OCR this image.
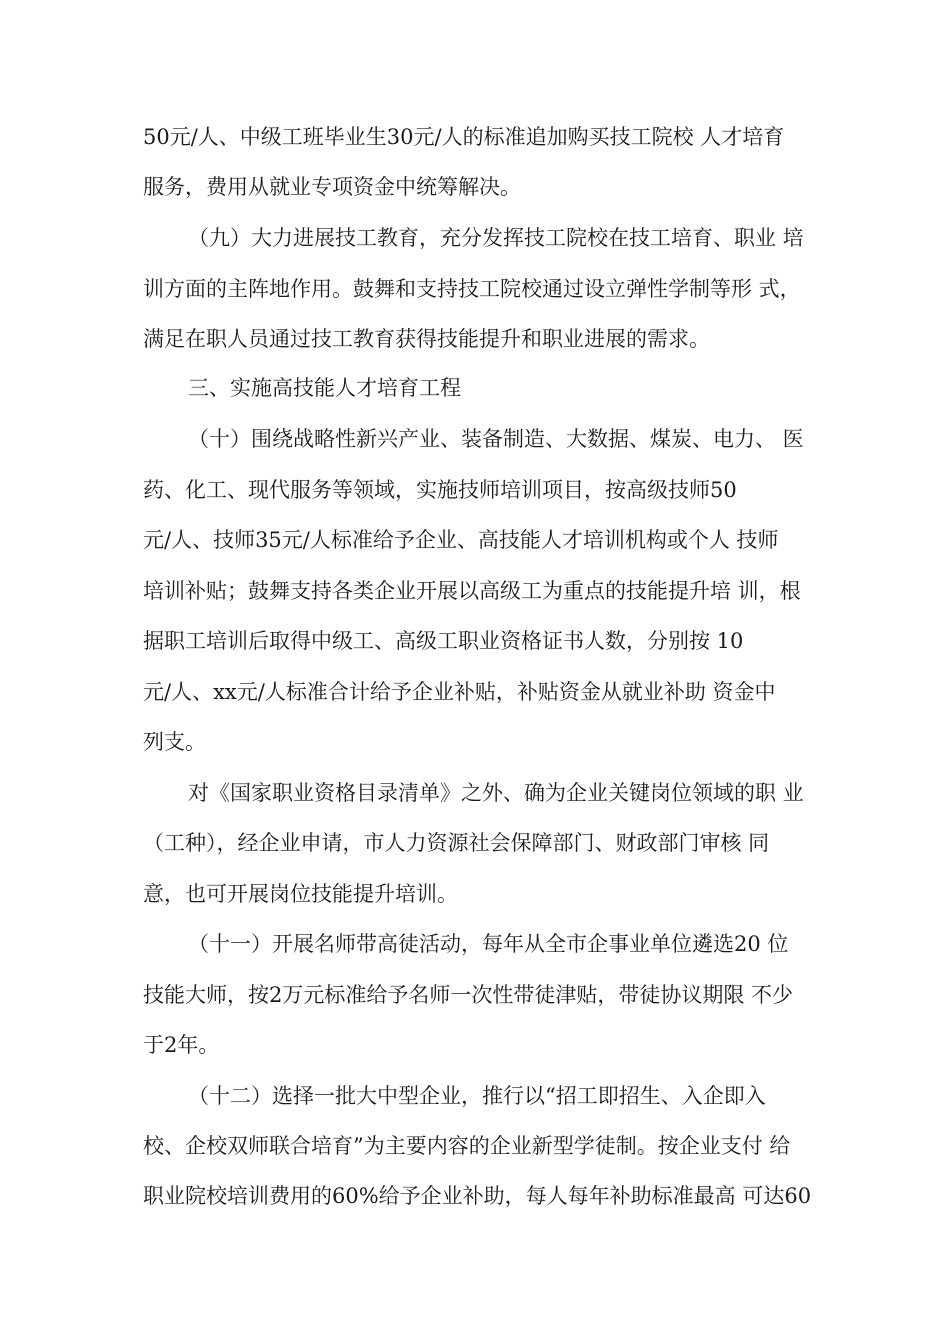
50元/人、中级工班毕业生30元/人的标准追加购买技工院校 人才培育
服务，费用从就业专项资金中统筹解决。
（九）大力进展技工教育，充分发挥技工院校在技工培育、职业 培
训方面的主阵地作用。鼓舞和支持技工院校通过设立弹性学制等形 式，
满足在职人员通过技工教育获得技能提升和职业进展的需求。
三、实施高技能人才培育工程
（十）围绕战略性新兴产业、装备制造、大数据、煤炭、电力、 医
药、化工、现代服务等领域，实施技师培训项目，按高级技师50
元/人、技师35元/人标准给予企业、高技能人才培训机构或个人 技师
培训补贴；鼓舞支持各类企业开展以高级工为重点的技能提升培 训，根
据职工培训后取得中级工、高级工职业资格证书人数，分别按 10
元/人、xx元/人标准合计给予企业补贴，补贴资金从就业补助 资金中
列支。
对《国家职业资格目录清单》之外、确为企业关键岗位领域的职 业
（工种），经企业申请，市人力资源社会保障部门、财政部门审核 同
意，也可开展岗位技能提升培训。
（十一）开展名师带高徒活动，每年从全市企事业单位遴选20 位
技能大师，按2万元标准给予名师一次性带徒津贴，带徒协议期限 不少
于2年。
（十二）选择一批大中型企业，推行以“招工即招生、入企即入
校、企校双师联合培育”为主要内容的企业新型学徒制。按企业支付 给
职业院校培训费用的60%给予企业补助，每人每年补助标准最高 可达60
